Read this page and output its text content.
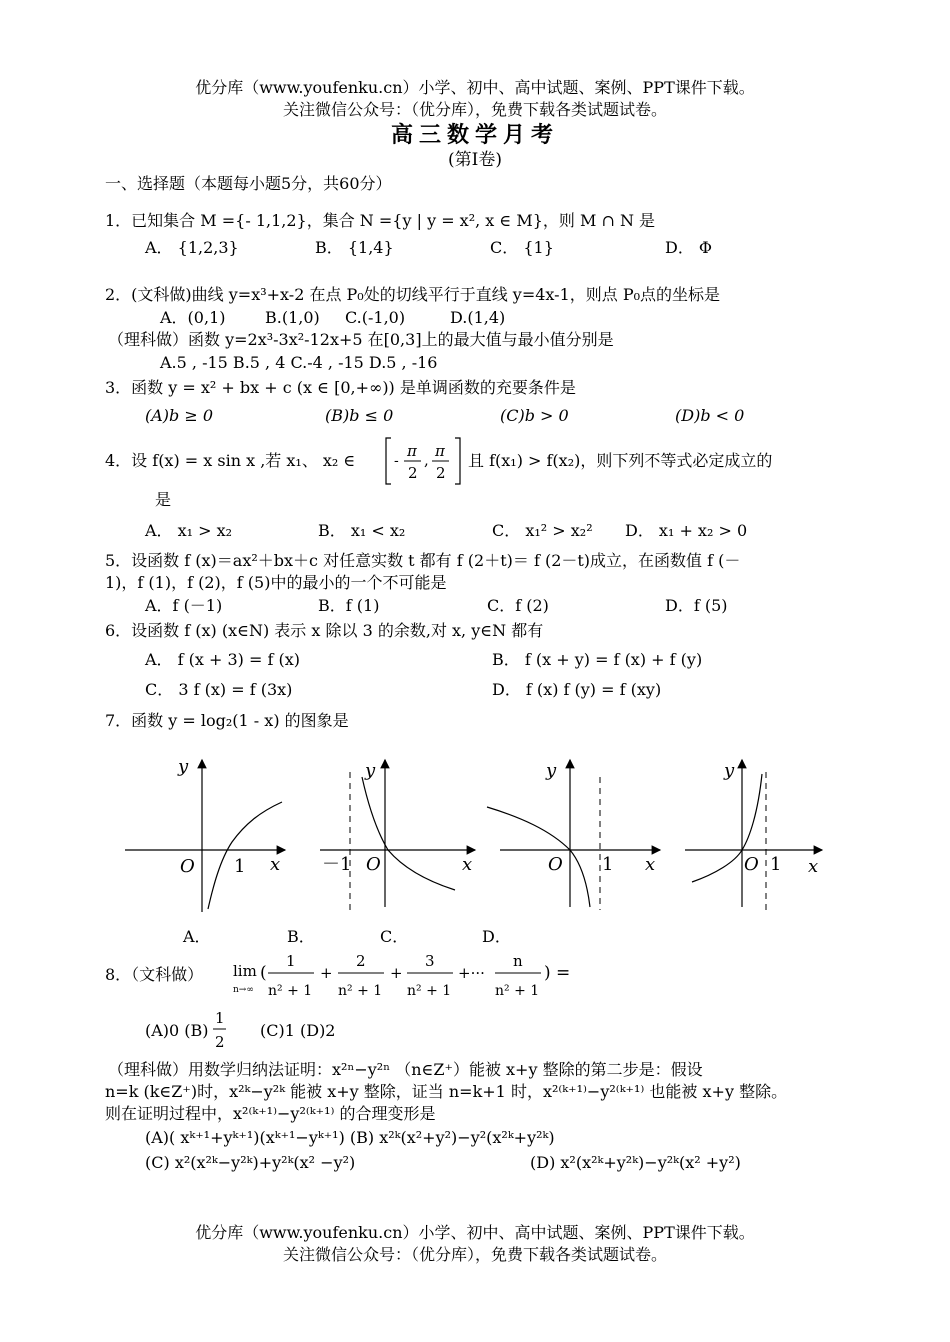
优分库（www.youfenku.cn）小学、初中、高中试题、案例、PPT课件下载。
关注微信公众号：（优分库），免费下载各类试题试卷。
高三数学月考
(第Ⅰ卷)
一、选择题（本题每小题5分，共60分）
1．已知集合 M ={- 1,1,2}，集合 N ={y | y = x², x ∈ M}，则 M ∩ N 是
A． {1,2,3}	B． {1,4}	C． {1}	D． Φ
2．(文科做)曲线 y=x³+x-2 在点 P₀处的切线平行于直线 y=4x-1，则点 P₀点的坐标是
A．(0,1) B.(1,0) C.(-1,0)	D.(1,4)
（理科做）函数 y=2x³-3x²-12x+5 在[0,3]上的最大值与最小值分别是
A.5 , -15 B.5 , 4 C.-4 , -15 D.5 , -16
3．函数 y = x² + bx + c (x ∈ [0,+∞)) 是单调函数的充要条件是
(A)b ≥ 0	(B)b ≤ 0	(C)b > 0	(D)b < 0
4．设 f(x) = x sin x ,若 x₁、 x₂ ∈	-
π
2
, π
2
且 f(x₁) > f(x₂)，则下列不等式必定成立的
是
A． x₁ > x₂	B． x₁ < x₂	C． x₁² > x₂² D． x₁ + x₂ > 0
5．设函数 f (x)＝ax²＋bx＋c 对任意实数 t 都有 f (2＋t)＝ f (2－t)成立，在函数值 f (－
1)，f (1)，f (2)，f (5)中的最小的一个不可能是
A．f (－1)	B．f (1)	C．f (2)	D．f (5)
6．设函数 f (x) (x∈N) 表示 x 除以 3 的余数,对 x, y∈N 都有
A． f (x + 3) = f (x)	B． f (x + y) = f (x) + f (y)
C． 3 f (x) = f (3x)	D． f (x) f (y) = f (xy)
7．函数 y = log₂(1 - x) 的图象是
y
x
O 1
y
x
O
－1
y
x
O 1
y
x
O 1
A．	B．	C．	D．
8．（文科做） lim
n→∞
(
1
n² + 1
+
2
n² + 1
+
3
n² + 1
+···
n
n² + 1
) =
(A)0 (B)
1
2
(C)1 (D)2
（理科做）用数学归纳法证明：x²ⁿ−y²ⁿ （n∈Z⁺）能被 x+y 整除的第二步是：假设
n=k (k∈Z⁺)时，x²ᵏ−y²ᵏ 能被 x+y 整除，证当 n=k+1 时，x²⁽ᵏ⁺¹⁾−y²⁽ᵏ⁺¹⁾ 也能被 x+y 整除。
则在证明过程中，x²⁽ᵏ⁺¹⁾−y²⁽ᵏ⁺¹⁾ 的合理变形是
(A)( xᵏ⁺¹+yᵏ⁺¹)(xᵏ⁺¹−yᵏ⁺¹) (B) x²ᵏ(x²+y²)−y²(x²ᵏ+y²ᵏ)
(C) x²(x²ᵏ−y²ᵏ)+y²ᵏ(x² −y²)	(D) x²(x²ᵏ+y²ᵏ)−y²ᵏ(x² +y²)
优分库（www.youfenku.cn）小学、初中、高中试题、案例、PPT课件下载。
关注微信公众号：（优分库），免费下载各类试题试卷。
